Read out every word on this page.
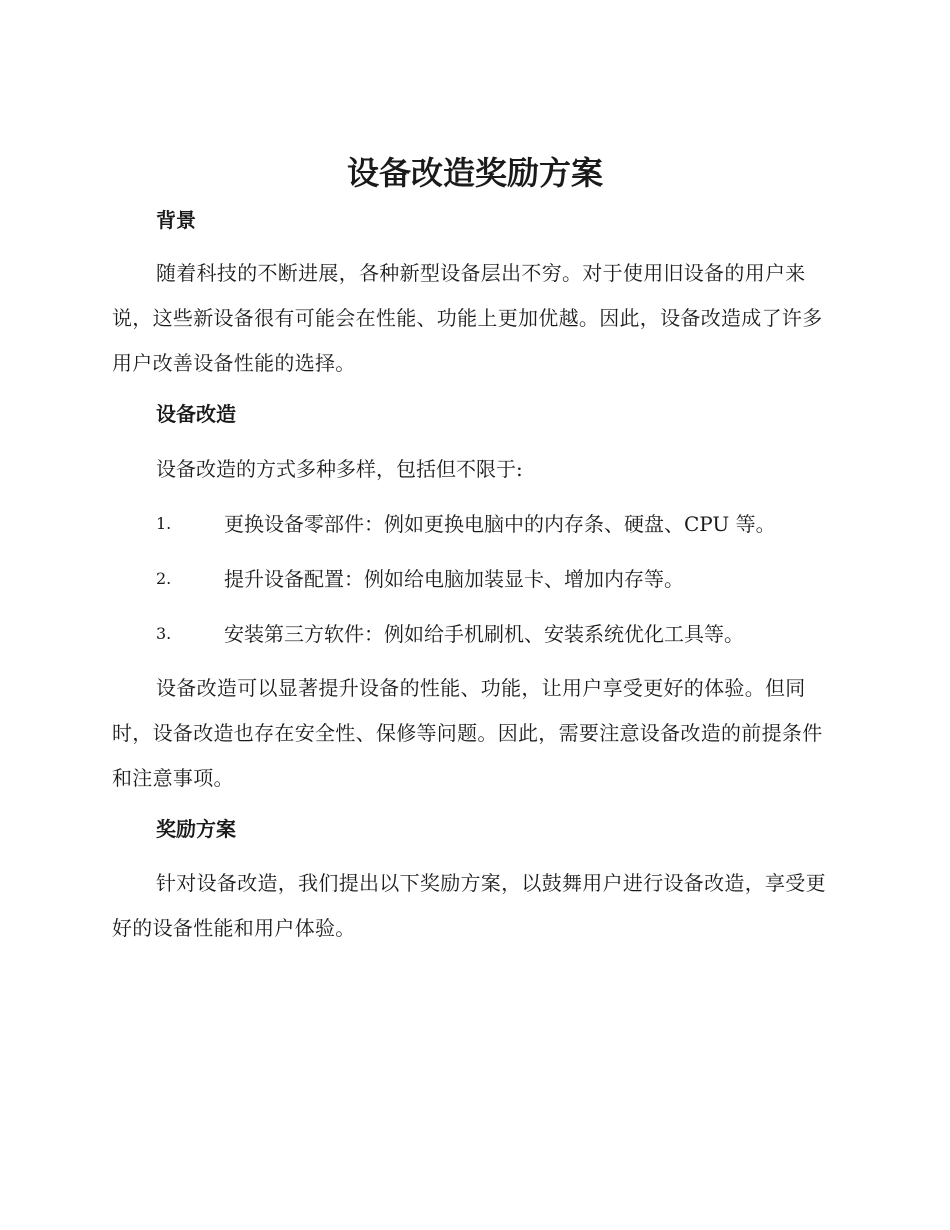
设备改造奖励方案
背景

随着科技的不断进展，各种新型设备层出不穷。对于使用旧设备的用户来说，这些新设备很有可能会在性能、功能上更加优越。因此，设备改造成了许多用户改善设备性能的选择。

设备改造

设备改造的方式多种多样，包括但不限于:

1.	更换设备零部件：例如更换电脑中的内存条、硬盘、CPU 等。
2.	提升设备配置：例如给电脑加装显卡、增加内存等。
3.	安装第三方软件：例如给手机刷机、安装系统优化工具等。

设备改造可以显著提升设备的性能、功能，让用户享受更好的体验。但同时，设备改造也存在安全性、保修等问题。因此，需要注意设备改造的前提条件和注意事项。

奖励方案

针对设备改造，我们提出以下奖励方案，以鼓舞用户进行设备改造，享受更好的设备性能和用户体验。
